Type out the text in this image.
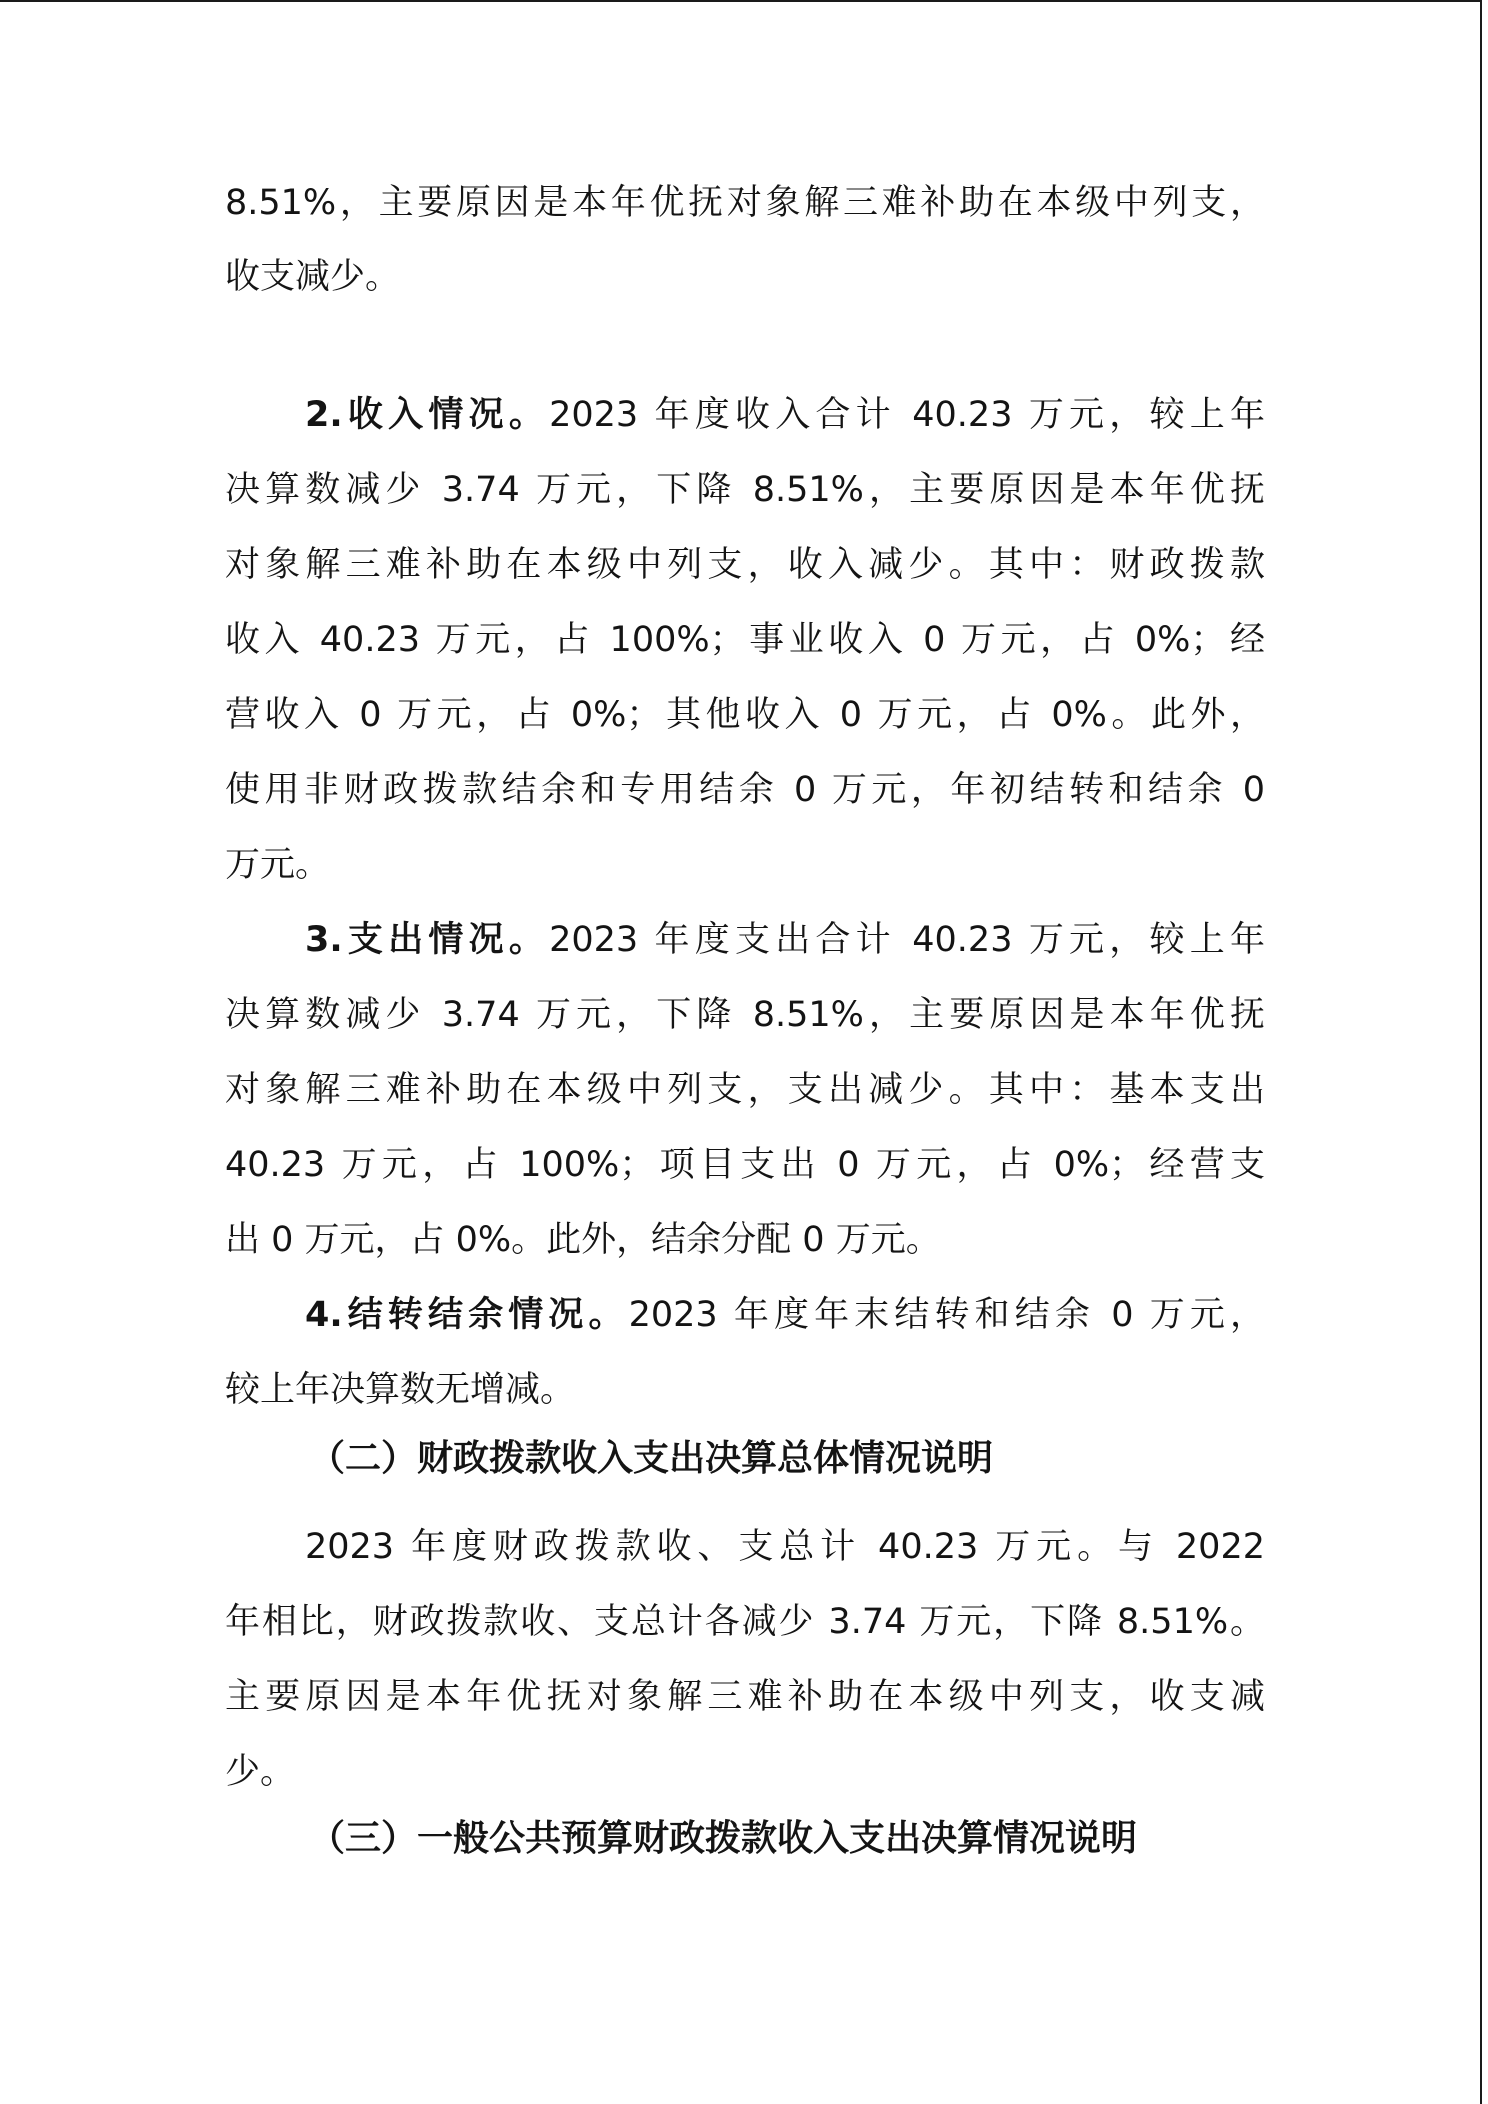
8.51%，主要原因是本年优抚对象解三难补助在本级中列支，
收支减少。
2.收入情况。2023 年度收入合计 40.23 万元，较上年
决算数减少 3.74 万元，下降 8.51%，主要原因是本年优抚
对象解三难补助在本级中列支，收入减少。其中：财政拨款
收入 40.23 万元，占 100%；事业收入 0 万元，占 0%；经
营收入 0 万元，占 0%；其他收入 0 万元，占 0%。此外，
使用非财政拨款结余和专用结余 0 万元，年初结转和结余 0
万元。
3.支出情况。2023 年度支出合计 40.23 万元，较上年
决算数减少 3.74 万元，下降 8.51%，主要原因是本年优抚
对象解三难补助在本级中列支，支出减少。其中：基本支出
40.23 万元，占 100%；项目支出 0 万元，占 0%；经营支
出 0 万元，占 0%。此外，结余分配 0 万元。
4.结转结余情况。2023 年度年末结转和结余 0 万元，
较上年决算数无增减。
（二）财政拨款收入支出决算总体情况说明
2023 年度财政拨款收、支总计 40.23 万元。与 2022
年相比，财政拨款收、支总计各减少 3.74 万元，下降 8.51%。
主要原因是本年优抚对象解三难补助在本级中列支，收支减
少。
（三）一般公共预算财政拨款收入支出决算情况说明
